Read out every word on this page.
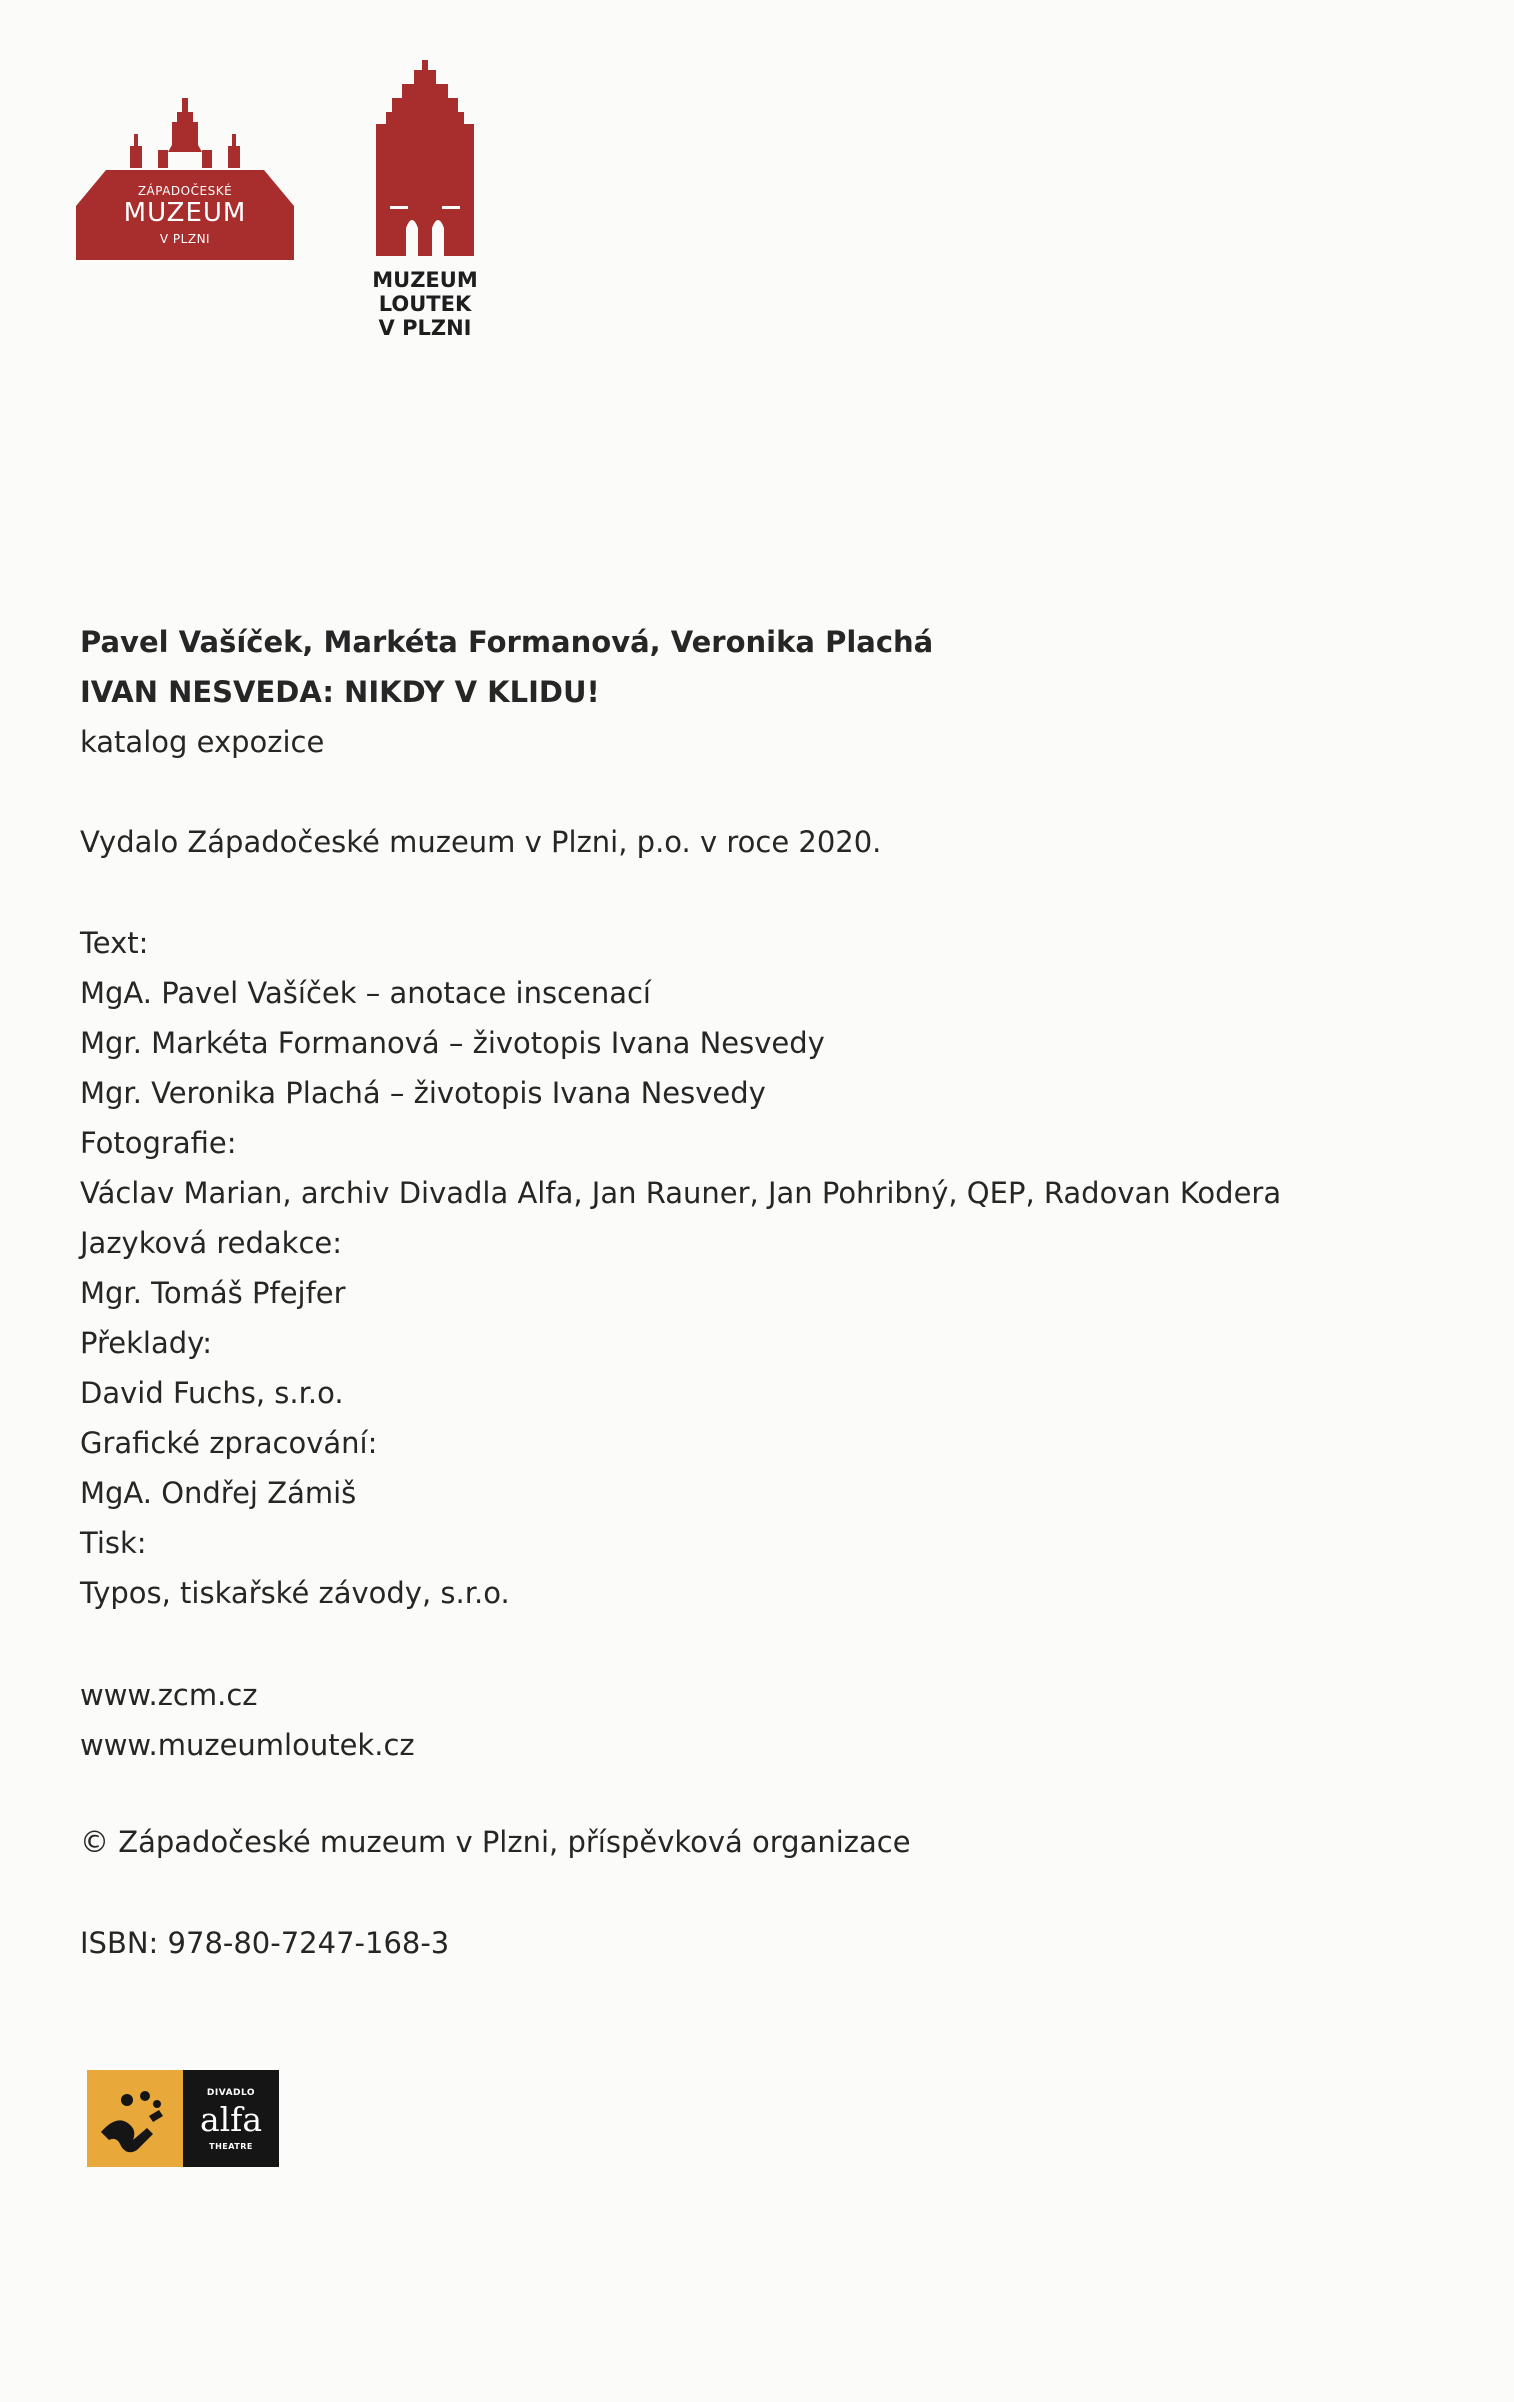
ZÁPADOČESKÉ
MUZEUM
V PLZNI
MUZEUM
LOUTEK
V PLZNI
Pavel Vašíček, Markéta Formanová, Veronika Plachá
IVAN NESVEDA: NIKDY V KLIDU!
katalog expozice
Vydalo Západočeské muzeum v Plzni, p.o. v roce 2020.
Text:
MgA. Pavel Vašíček – anotace inscenací
Mgr. Markéta Formanová – životopis Ivana Nesvedy
Mgr. Veronika Plachá – životopis Ivana Nesvedy
Fotografie:
Václav Marian, archiv Divadla Alfa, Jan Rauner, Jan Pohribný, QEP, Radovan Kodera
Jazyková redakce:
Mgr. Tomáš Pfejfer
Překlady:
David Fuchs, s.r.o.
Grafické zpracování:
MgA. Ondřej Zámiš
Tisk:
Typos, tiskařské závody, s.r.o.
www.zcm.cz
www.muzeumloutek.cz
© Západočeské muzeum v Plzni, příspěvková organizace
ISBN: 978-80-7247-168-3
DIVADLO
alfa
THEATRE
